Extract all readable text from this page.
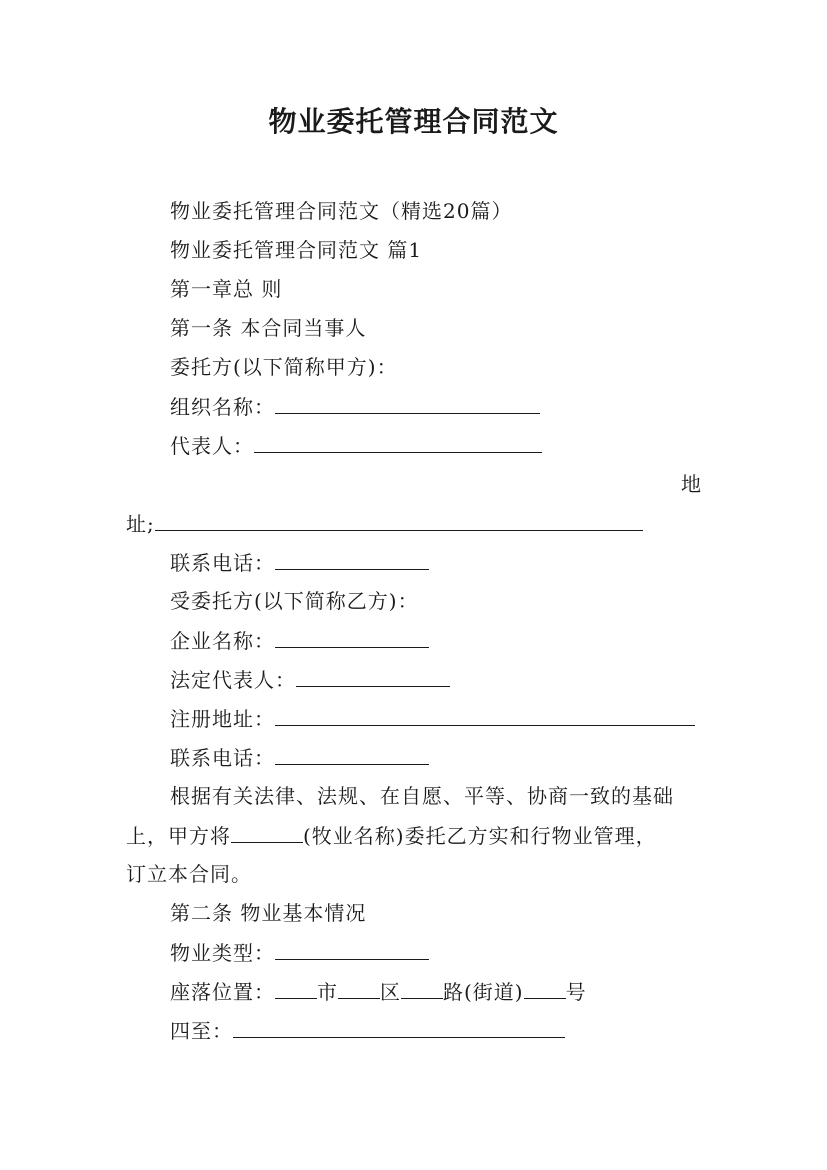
物业委托管理合同范文
物业委托管理合同范文（精选20篇）
物业委托管理合同范文 篇1
第一章总 则
第一条 本合同当事人
委托方(以下简称甲方)：
组织名称：
代表人：
地
址;
联系电话：
受委托方(以下简称乙方)：
企业名称：
法定代表人：
注册地址：
联系电话：
根据有关法律、法规、在自愿、平等、协商一致的基础
上，甲方将	(牧业名称)委托乙方实和行物业管理，
订立本合同。
第二条 物业基本情况
物业类型：
座落位置： 市 区 路(街道) 号
四至：
